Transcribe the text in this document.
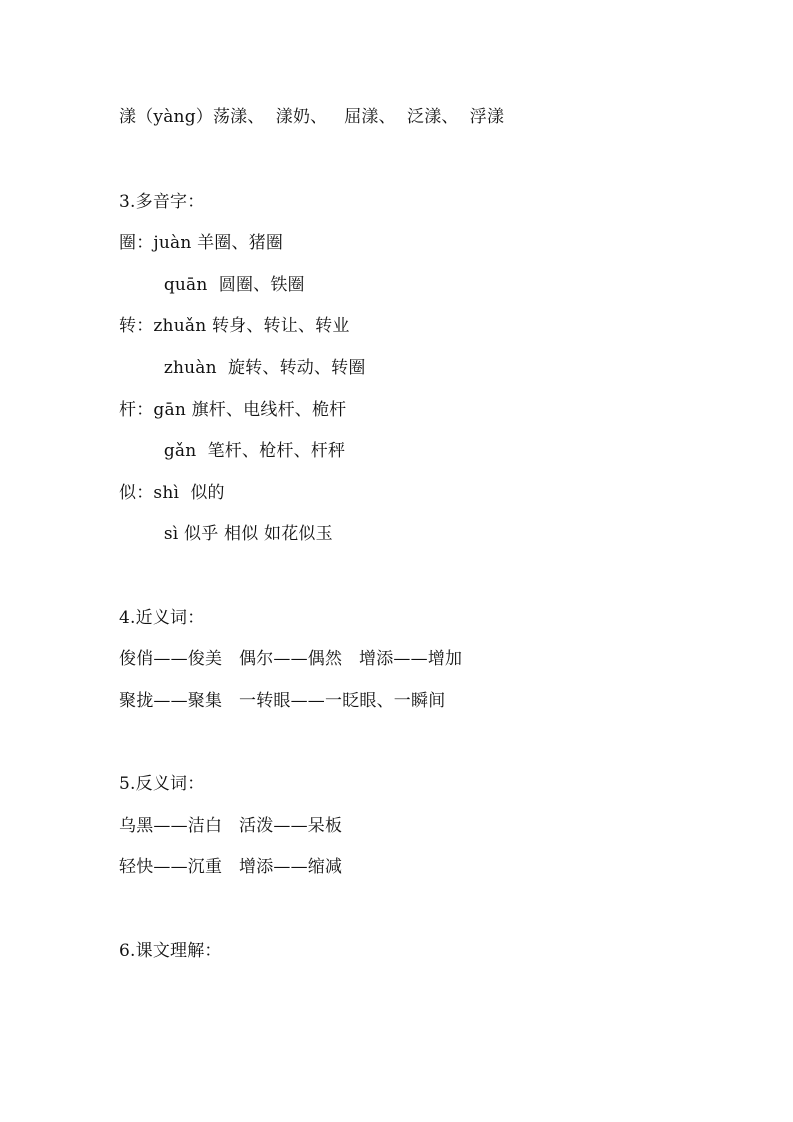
漾（yàng）荡漾、  漾奶、   屈漾、  泛漾、  浮漾
3.多音字：
圈：juàn 羊圈、猪圈
quān  圆圈、铁圈
转：zhuǎn 转身、转让、转业
zhuàn  旋转、转动、转圈
杆：gān 旗杆、电线杆、桅杆
gǎn  笔杆、枪杆、杆秤
似：shì  似的
sì 似乎 相似 如花似玉
4.近义词：
俊俏——俊美   偶尔——偶然   增添——增加
聚拢——聚集   一转眼——一眨眼、一瞬间
5.反义词：
乌黑——洁白   活泼——呆板
轻快——沉重   增添——缩减
6.课文理解：
